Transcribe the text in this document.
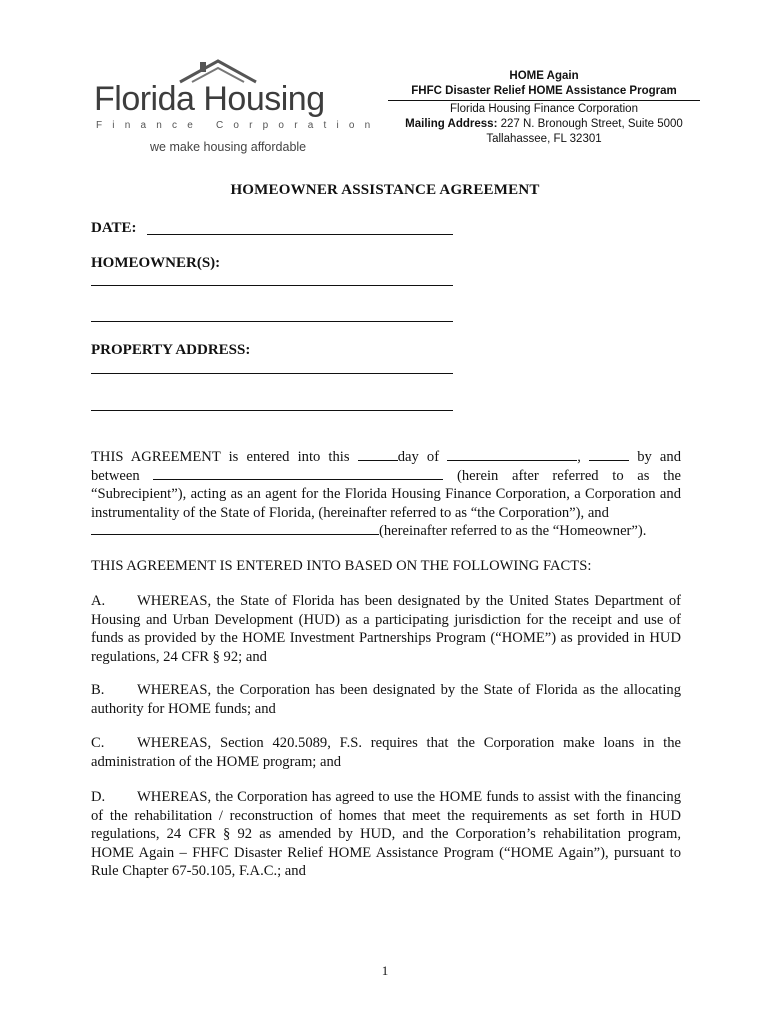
Florida Housing
Finance Corporation
we make housing affordable
HOME Again
FHFC Disaster Relief HOME Assistance Program
Florida Housing Finance Corporation
Mailing Address: 227 N. Bronough Street, Suite 5000
Tallahassee, FL 32301
HOMEOWNER ASSISTANCE AGREEMENT
DATE:
HOMEOWNER(S):
PROPERTY ADDRESS:
THIS AGREEMENT is entered into this	day of	,	by and
between	(herein after referred to as the “Subrecipient”), acting as an agent for the Florida Housing Finance Corporation, a Corporation and instrumentality of the State of Florida, (hereinafter referred to as “the Corporation”), and
(hereinafter referred to as the “Homeowner”).
THIS AGREEMENT IS ENTERED INTO BASED ON THE FOLLOWING FACTS:
A. WHEREAS, the State of Florida has been designated by the United States Department of Housing and Urban Development (HUD) as a participating jurisdiction for the receipt and use of funds as provided by the HOME Investment Partnerships Program (“HOME”) as provided in HUD regulations, 24 CFR § 92; and
B. WHEREAS, the Corporation has been designated by the State of Florida as the allocating authority for HOME funds; and
C. WHEREAS, Section 420.5089, F.S. requires that the Corporation make loans in the administration of the HOME program; and
D. WHEREAS, the Corporation has agreed to use the HOME funds to assist with the financing of the rehabilitation / reconstruction of homes that meet the requirements as set forth in HUD regulations, 24 CFR § 92 as amended by HUD, and the Corporation’s rehabilitation program, HOME Again – FHFC Disaster Relief HOME Assistance Program (“HOME Again”), pursuant to Rule Chapter 67-50.105, F.A.C.; and
1
